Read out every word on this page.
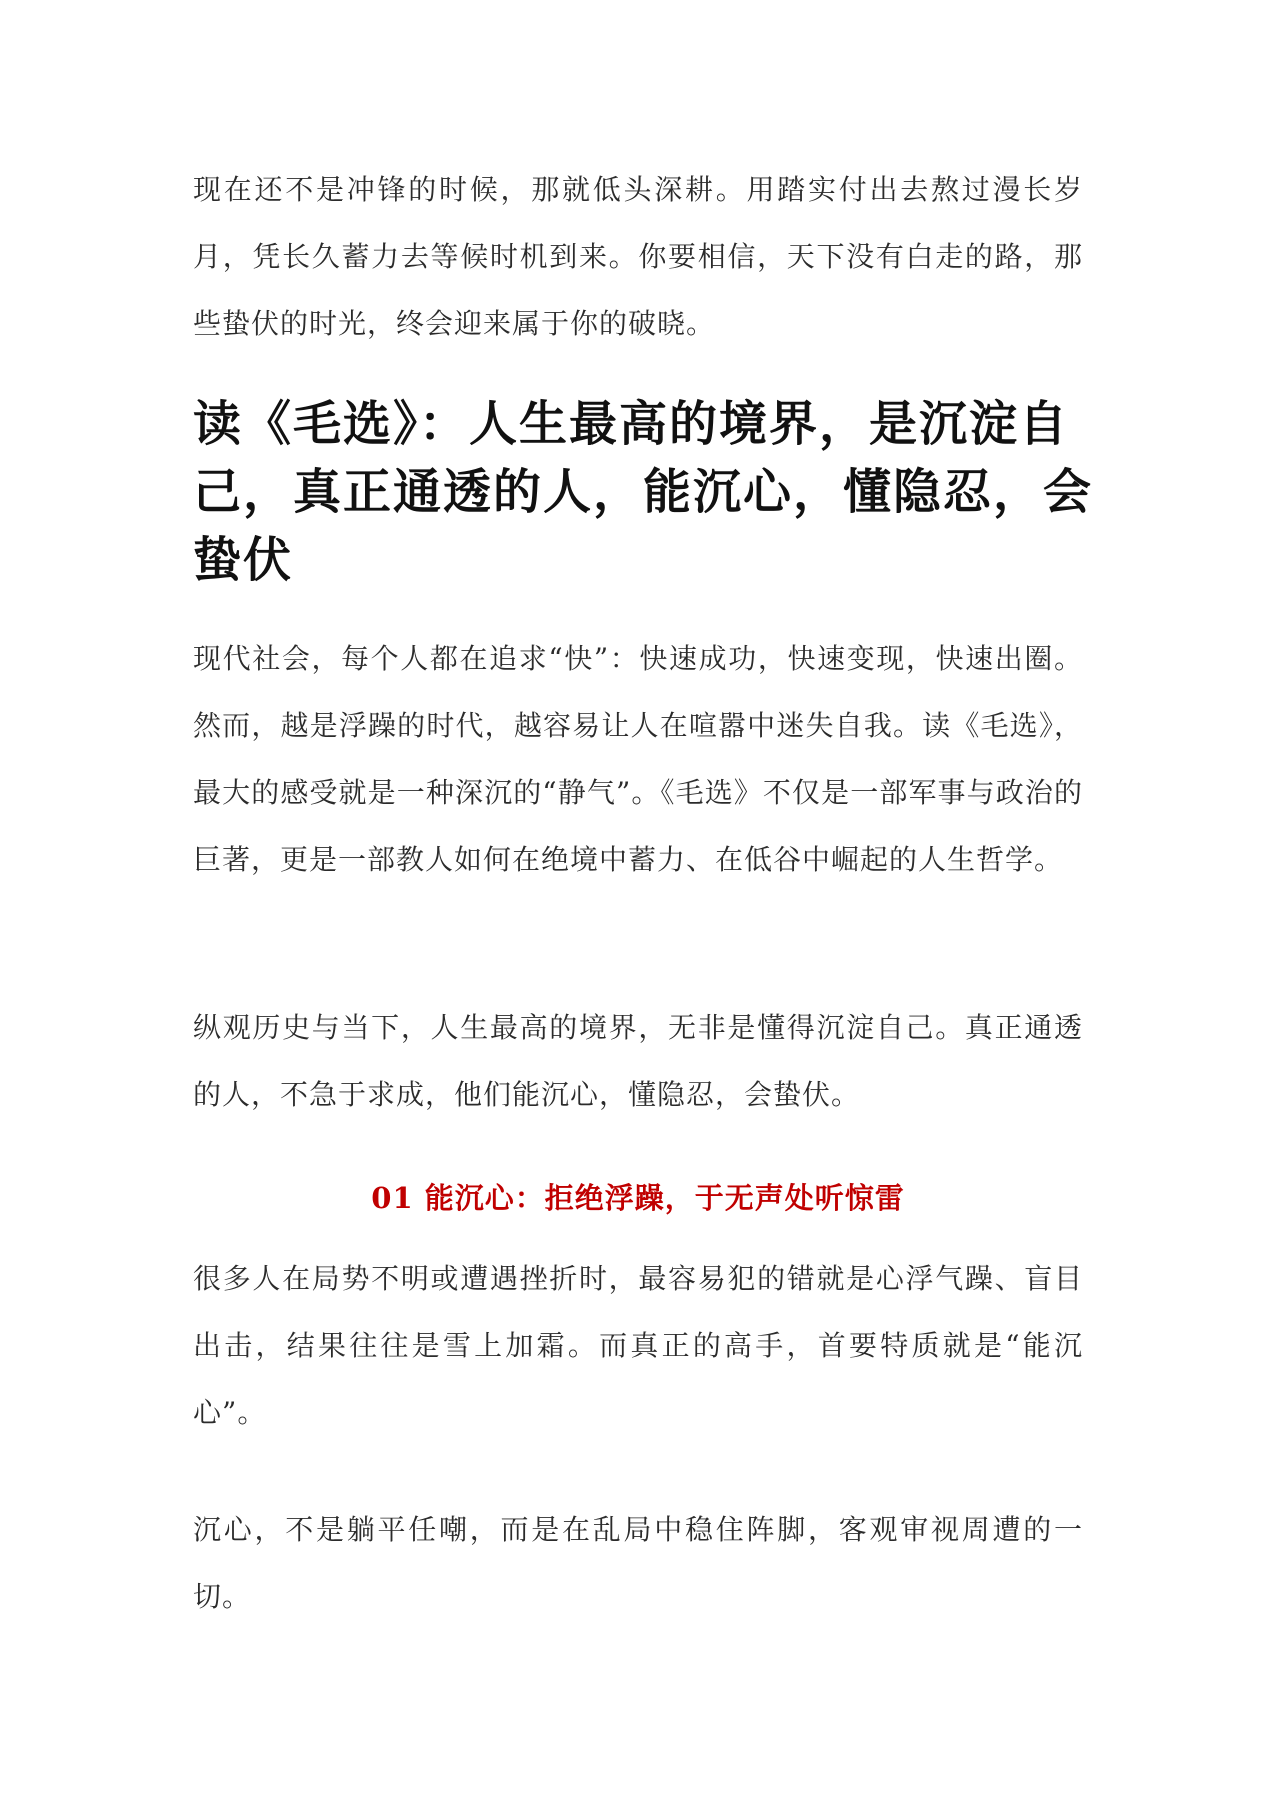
现在还不是冲锋的时候，那就低头深耕。用踏实付出去熬过漫长岁月，凭长久蓄力去等候时机到来。你要相信，天下没有白走的路，那些蛰伏的时光，终会迎来属于你的破晓。

读《毛选》：人生最高的境界，是沉淀自己，真正通透的人，能沉心，懂隐忍，会蛰伏

现代社会，每个人都在追求“快”：快速成功，快速变现，快速出圈。然而，越是浮躁的时代，越容易让人在喧嚣中迷失自我。读《毛选》，最大的感受就是一种深沉的“静气”。《毛选》不仅是一部军事与政治的巨著，更是一部教人如何在绝境中蓄力、在低谷中崛起的人生哲学。

纵观历史与当下，人生最高的境界，无非是懂得沉淀自己。真正通透的人，不急于求成，他们能沉心，懂隐忍，会蛰伏。

01 能沉心：拒绝浮躁，于无声处听惊雷

很多人在局势不明或遭遇挫折时，最容易犯的错就是心浮气躁、盲目出击，结果往往是雪上加霜。而真正的高手，首要特质就是“能沉心”。

沉心，不是躺平任嘲，而是在乱局中稳住阵脚，客观审视周遭的一切。
